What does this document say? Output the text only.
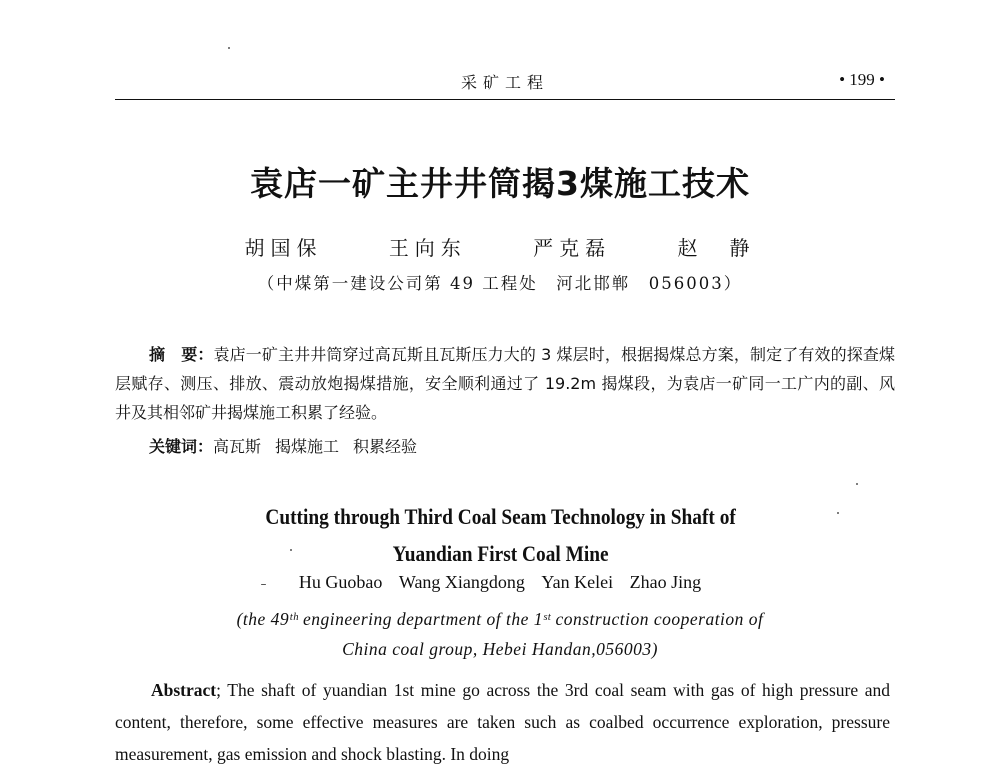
采矿工程	• 199 •
袁店一矿主井井筒揭3煤施工技术
胡国保	王向东	严克磊	赵　静
（中煤第一建设公司第 49 工程处　河北邯郸　056003）

摘　要：袁店一矿主井井筒穿过高瓦斯且瓦斯压力大的 3 煤层时，根据揭煤总方案，制定了有效的探查煤层赋存、测压、排放、震动放炮揭煤措施，安全顺利通过了 19.2m 揭煤段，为袁店一矿同一工广内的副、风井及其相邻矿井揭煤施工积累了经验。

关键词：高瓦斯 揭煤施工 积累经验
Cutting through Third Coal Seam Technology in Shaft of
Yuandian First Coal Mine
Hu Guobao Wang Xiangdong Yan Kelei Zhao Jing
(the 49ᵗʰ engineering department of the 1ˢᵗ construction cooperation of
China coal group, Hebei Handan,056003)

Abstract; The shaft of yuandian 1st mine go across the 3rd coal seam with gas of high pressure and content, therefore, some effective measures are taken such as coalbed occurrence exploration, pressure measurement, gas emission and shock blasting. In doing
